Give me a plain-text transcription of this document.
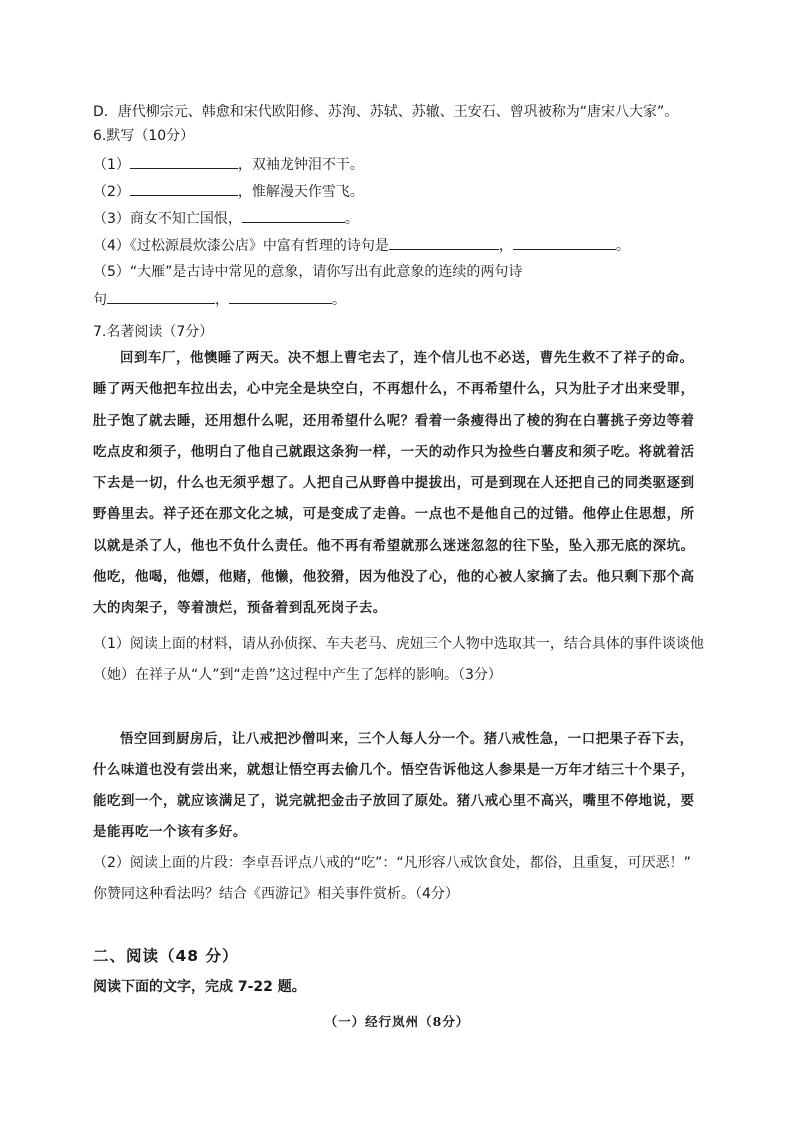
D．唐代柳宗元、韩愈和宋代欧阳修、苏洵、苏轼、苏辙、王安石、曾巩被称为“唐宋八大家”。
6.默写（10分）
（1）	，双袖龙钟泪不干。
（2）	，惟解漫天作雪飞。
（3）商女不知亡国恨，	。
（4）《过松源晨炊漆公店》中富有哲理的诗句是	，	。
（5）“大雁”是古诗中常见的意象，请你写出有此意象的连续的两句诗
句	，	。
7.名著阅读（7分）

回到车厂，他懊睡了两天。决不想上曹宅去了，连个信儿也不必送，曹先生救不了祥子的命。

睡了两天他把车拉出去，心中完全是块空白，不再想什么，不再希望什么，只为肚子才出来受罪，

肚子饱了就去睡，还用想什么呢，还用希望什么呢？看着一条瘦得出了棱的狗在白薯挑子旁边等着

吃点皮和须子，他明白了他自己就跟这条狗一样，一天的动作只为捡些白薯皮和须子吃。将就着活

下去是一切，什么也无须乎想了。人把自己从野兽中提拔出，可是到现在人还把自己的同类驱逐到

野兽里去。祥子还在那文化之城，可是变成了走兽。一点也不是他自己的过错。他停止住思想，所

以就是杀了人，他也不负什么责任。他不再有希望就那么迷迷忽忽的往下坠，坠入那无底的深坑。

他吃，他喝，他嫖，他赌，他懒，他狡猾，因为他没了心，他的心被人家摘了去。他只剩下那个高

大的肉架子，等着溃烂，预备着到乱死岗子去。

（1）阅读上面的材料，请从孙侦探、车夫老马、虎妞三个人物中选取其一，结合具体的事件谈谈他
（她）在祥子从“人”到“走兽”这过程中产生了怎样的影响。（3分）

悟空回到厨房后，让八戒把沙僧叫来，三个人每人分一个。猪八戒性急，一口把果子吞下去，

什么味道也没有尝出来，就想让悟空再去偷几个。悟空告诉他这人参果是一万年才结三十个果子，

能吃到一个，就应该满足了，说完就把金击子放回了原处。猪八戒心里不高兴，嘴里不停地说，要

是能再吃一个该有多好。

（2）阅读上面的片段：李卓吾评点八戒的“吃”：“凡形容八戒饮食处，都俗，且重复，可厌恶！”
你赞同这种看法吗？结合《西游记》相关事件赏析。（4分）
二、阅读（48 分）
阅读下面的文字，完成 7-22 题。
（一）经行岚州（8分）
